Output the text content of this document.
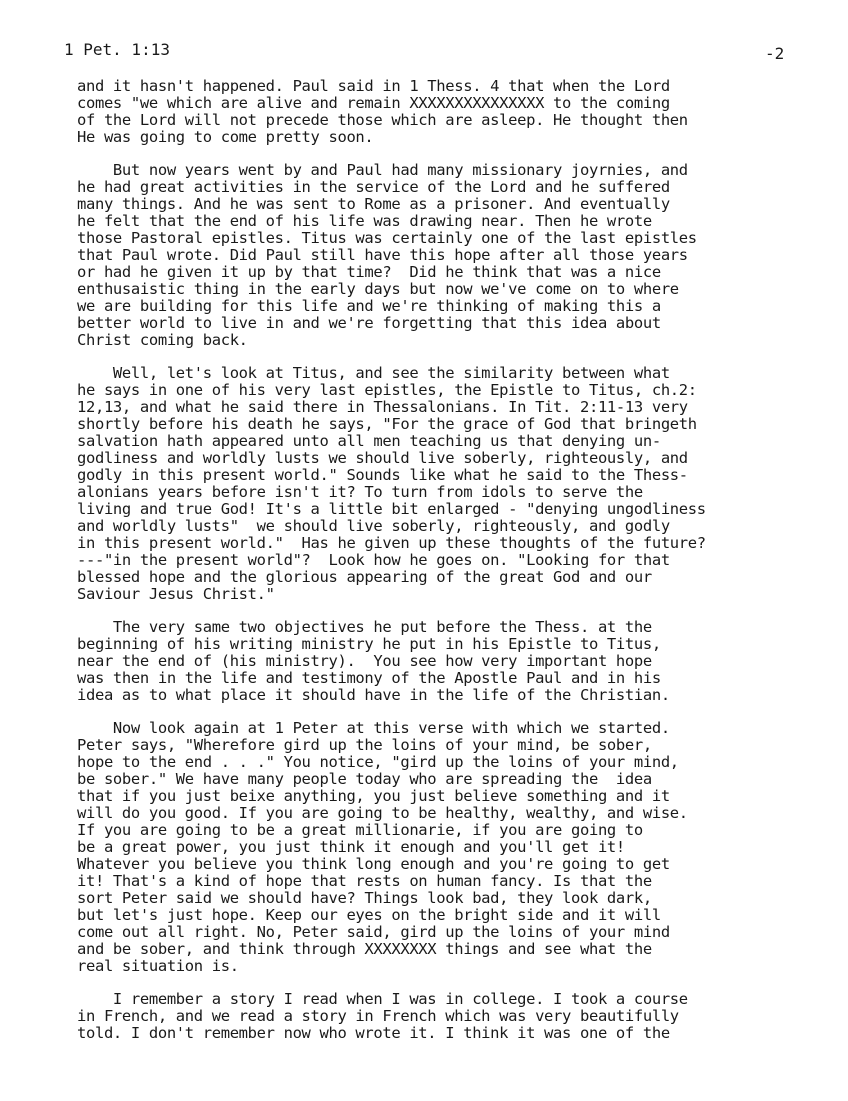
1 Pet. 1:13	-2
and it hasn't happened. Paul said in 1 Thess. 4 that when the Lord
comes "we which are alive and remain XXXXXXXXXXXXXXX to the coming
of the Lord will not precede those which are asleep. He thought then
He was going to come pretty soon.
But now years went by and Paul had many missionary joyrnies, and
he had great activities in the service of the Lord and he suffered
many things. And he was sent to Rome as a prisoner. And eventually
he felt that the end of his life was drawing near. Then he wrote
those Pastoral epistles. Titus was certainly one of the last epistles
that Paul wrote. Did Paul still have this hope after all those years
or had he given it up by that time?  Did he think that was a nice
enthusaistic thing in the early days but now we've come on to where
we are building for this life and we're thinking of making this a
better world to live in and we're forgetting that this idea about
Christ coming back.
Well, let's look at Titus, and see the similarity between what
he says in one of his very last epistles, the Epistle to Titus, ch.2:
12,13, and what he said there in Thessalonians. In Tit. 2:11-13 very
shortly before his death he says, "For the grace of God that bringeth
salvation hath appeared unto all men teaching us that denying un-
godliness and worldly lusts we should live soberly, righteously, and
godly in this present world." Sounds like what he said to the Thess-
alonians years before isn't it? To turn from idols to serve the
living and true God! It's a little bit enlarged - "denying ungodliness
and worldly lusts"  we should live soberly, righteously, and godly
in this present world."  Has he given up these thoughts of the future?
---"in the present world"?  Look how he goes on. "Looking for that
blessed hope and the glorious appearing of the great God and our
Saviour Jesus Christ."
The very same two objectives he put before the Thess. at the
beginning of his writing ministry he put in his Epistle to Titus,
near the end of (his ministry).  You see how very important hope
was then in the life and testimony of the Apostle Paul and in his
idea as to what place it should have in the life of the Christian.
Now look again at 1 Peter at this verse with which we started.
Peter says, "Wherefore gird up the loins of your mind, be sober,
hope to the end . . ." You notice, "gird up the loins of your mind,
be sober." We have many people today who are spreading the  idea
that if you just beixe anything, you just believe something and it
will do you good. If you are going to be healthy, wealthy, and wise.
If you are going to be a great millionarie, if you are going to
be a great power, you just think it enough and you'll get it!
Whatever you believe you think long enough and you're going to get
it! That's a kind of hope that rests on human fancy. Is that the
sort Peter said we should have? Things look bad, they look dark,
but let's just hope. Keep our eyes on the bright side and it will
come out all right. No, Peter said, gird up the loins of your mind
and be sober, and think through XXXXXXXX things and see what the
real situation is.
I remember a story I read when I was in college. I took a course
in French, and we read a story in French which was very beautifully
told. I don't remember now who wrote it. I think it was one of the
